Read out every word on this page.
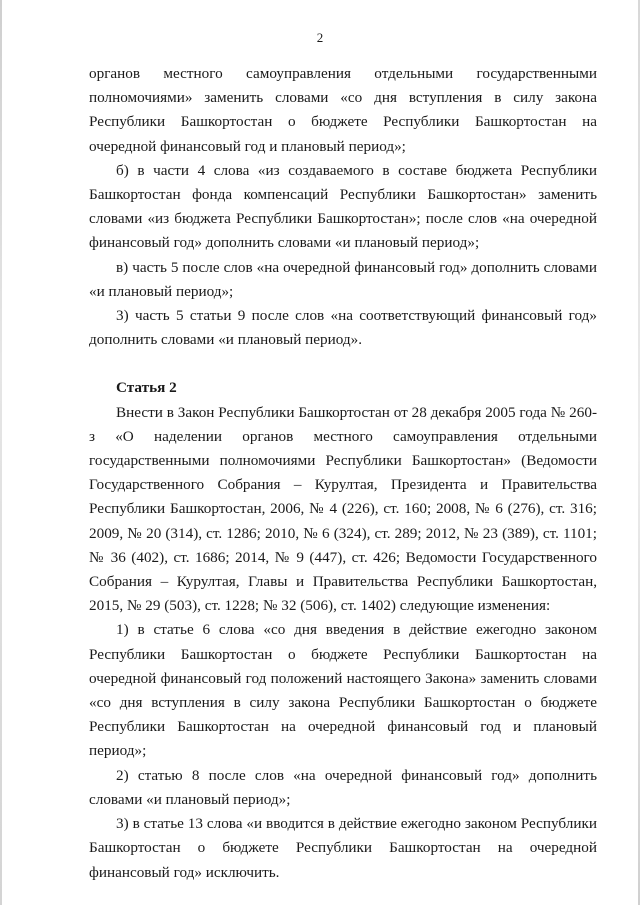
2

органов местного самоуправления отдельными государственными полномочиями» заменить словами «со дня вступления в силу закона Республики Башкортостан о бюджете Республики Башкортостан на очередной финансовый год и плановый период»;

б) в части 4 слова «из создаваемого в составе бюджета Республики Башкортостан фонда компенсаций Республики Башкортостан» заменить словами «из бюджета Республики Башкортостан»; после слов «на очередной финансовый год» дополнить словами «и плановый период»;

в) часть 5 после слов «на очередной финансовый год» дополнить словами «и плановый период»;

3) часть 5 статьи 9 после слов «на соответствующий финансовый год» дополнить словами «и плановый период».

Статья 2

Внести в Закон Республики Башкортостан от 28 декабря 2005 года № 260-з «О наделении органов местного самоуправления отдельными государственными полномочиями Республики Башкортостан» (Ведомости Государственного Собрания – Курултая, Президента и Правительства Республики Башкортостан, 2006, № 4 (226), ст. 160; 2008, № 6 (276), ст. 316; 2009, № 20 (314), ст. 1286; 2010, № 6 (324), ст. 289; 2012, № 23 (389), ст. 1101; № 36 (402), ст. 1686; 2014, № 9 (447), ст. 426; Ведомости Государственного Собрания – Курултая, Главы и Правительства Республики Башкортостан, 2015, № 29 (503), ст. 1228; № 32 (506), ст. 1402) следующие изменения:

1) в статье 6 слова «со дня введения в действие ежегодно законом Республики Башкортостан о бюджете Республики Башкортостан на очередной финансовый год положений настоящего Закона» заменить словами «со дня вступления в силу закона Республики Башкортостан о бюджете Республики Башкортостан на очередной финансовый год и плановый период»;

2) статью 8 после слов «на очередной финансовый год» дополнить словами «и плановый период»;

3) в статье 13 слова «и вводится в действие ежегодно законом Республики Башкортостан о бюджете Республики Башкортостан на очередной финансовый год» исключить.
